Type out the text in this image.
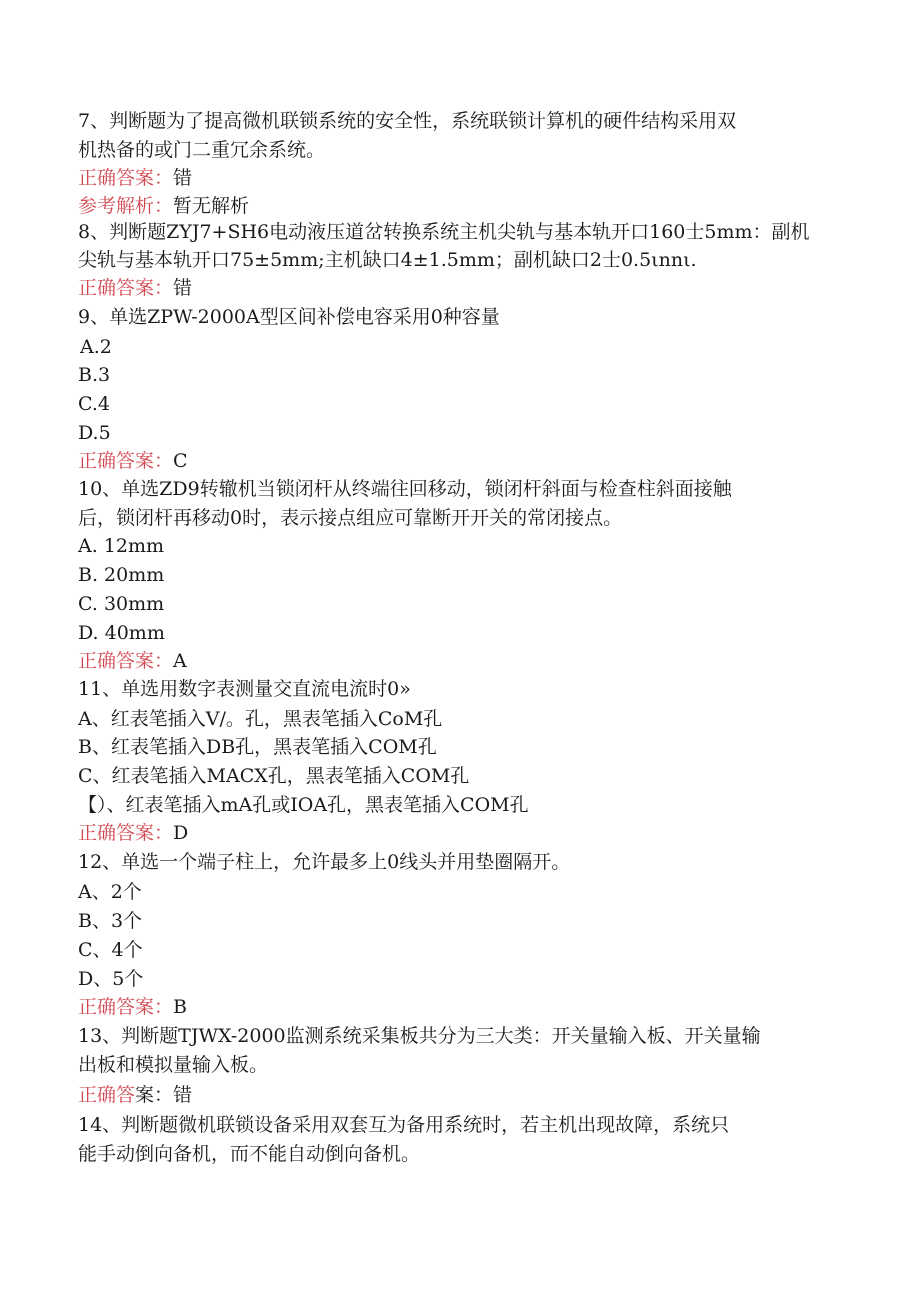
7、判断题为了提高微机联锁系统的安全性，系统联锁计算机的硬件结构采用双
机热备的或门二重冗余系统。
正确答案：错
参考解析：暂无解析
8、判断题ZYJ7+SH6电动液压道岔转换系统主机尖轨与基本轨开口160士5mm：副机
尖轨与基本轨开口75±5mm;主机缺口4±1.5mm；副机缺口2士0.5ιnnι.
正确答案：错
9、单选ZPW-2000A型区间补偿电容采用0种容量
A.2
B.3
C.4
D.5
正确答案：C
10、单选ZD9转辙机当锁闭杆从终端往回移动，锁闭杆斜面与检查柱斜面接触
后，锁闭杆再移动0时，表示接点组应可靠断开开关的常闭接点。
A. 12mm
B. 20mm
C. 30mm
D. 40mm
正确答案：A
11、单选用数字表测量交直流电流时0»
A、红表笔插入V/。孔，黑表笔插入CoM孔
B、红表笔插入DB孔，黑表笔插入COM孔
C、红表笔插入MACX孔，黑表笔插入COM孔
【）、红表笔插入mA孔或IOA孔，黑表笔插入COM孔
正确答案：D
12、单选一个端子柱上，允许最多上0线头并用垫圈隔开。
A、2个
B、3个
C、4个
D、5个
正确答案：B
13、判断题TJWX-2000监测系统采集板共分为三大类：开关量输入板、开关量输
出板和模拟量输入板。
正确答案：错
14、判断题微机联锁设备采用双套互为备用系统时，若主机出现故障，系统只
能手动倒向备机，而不能自动倒向备机。
